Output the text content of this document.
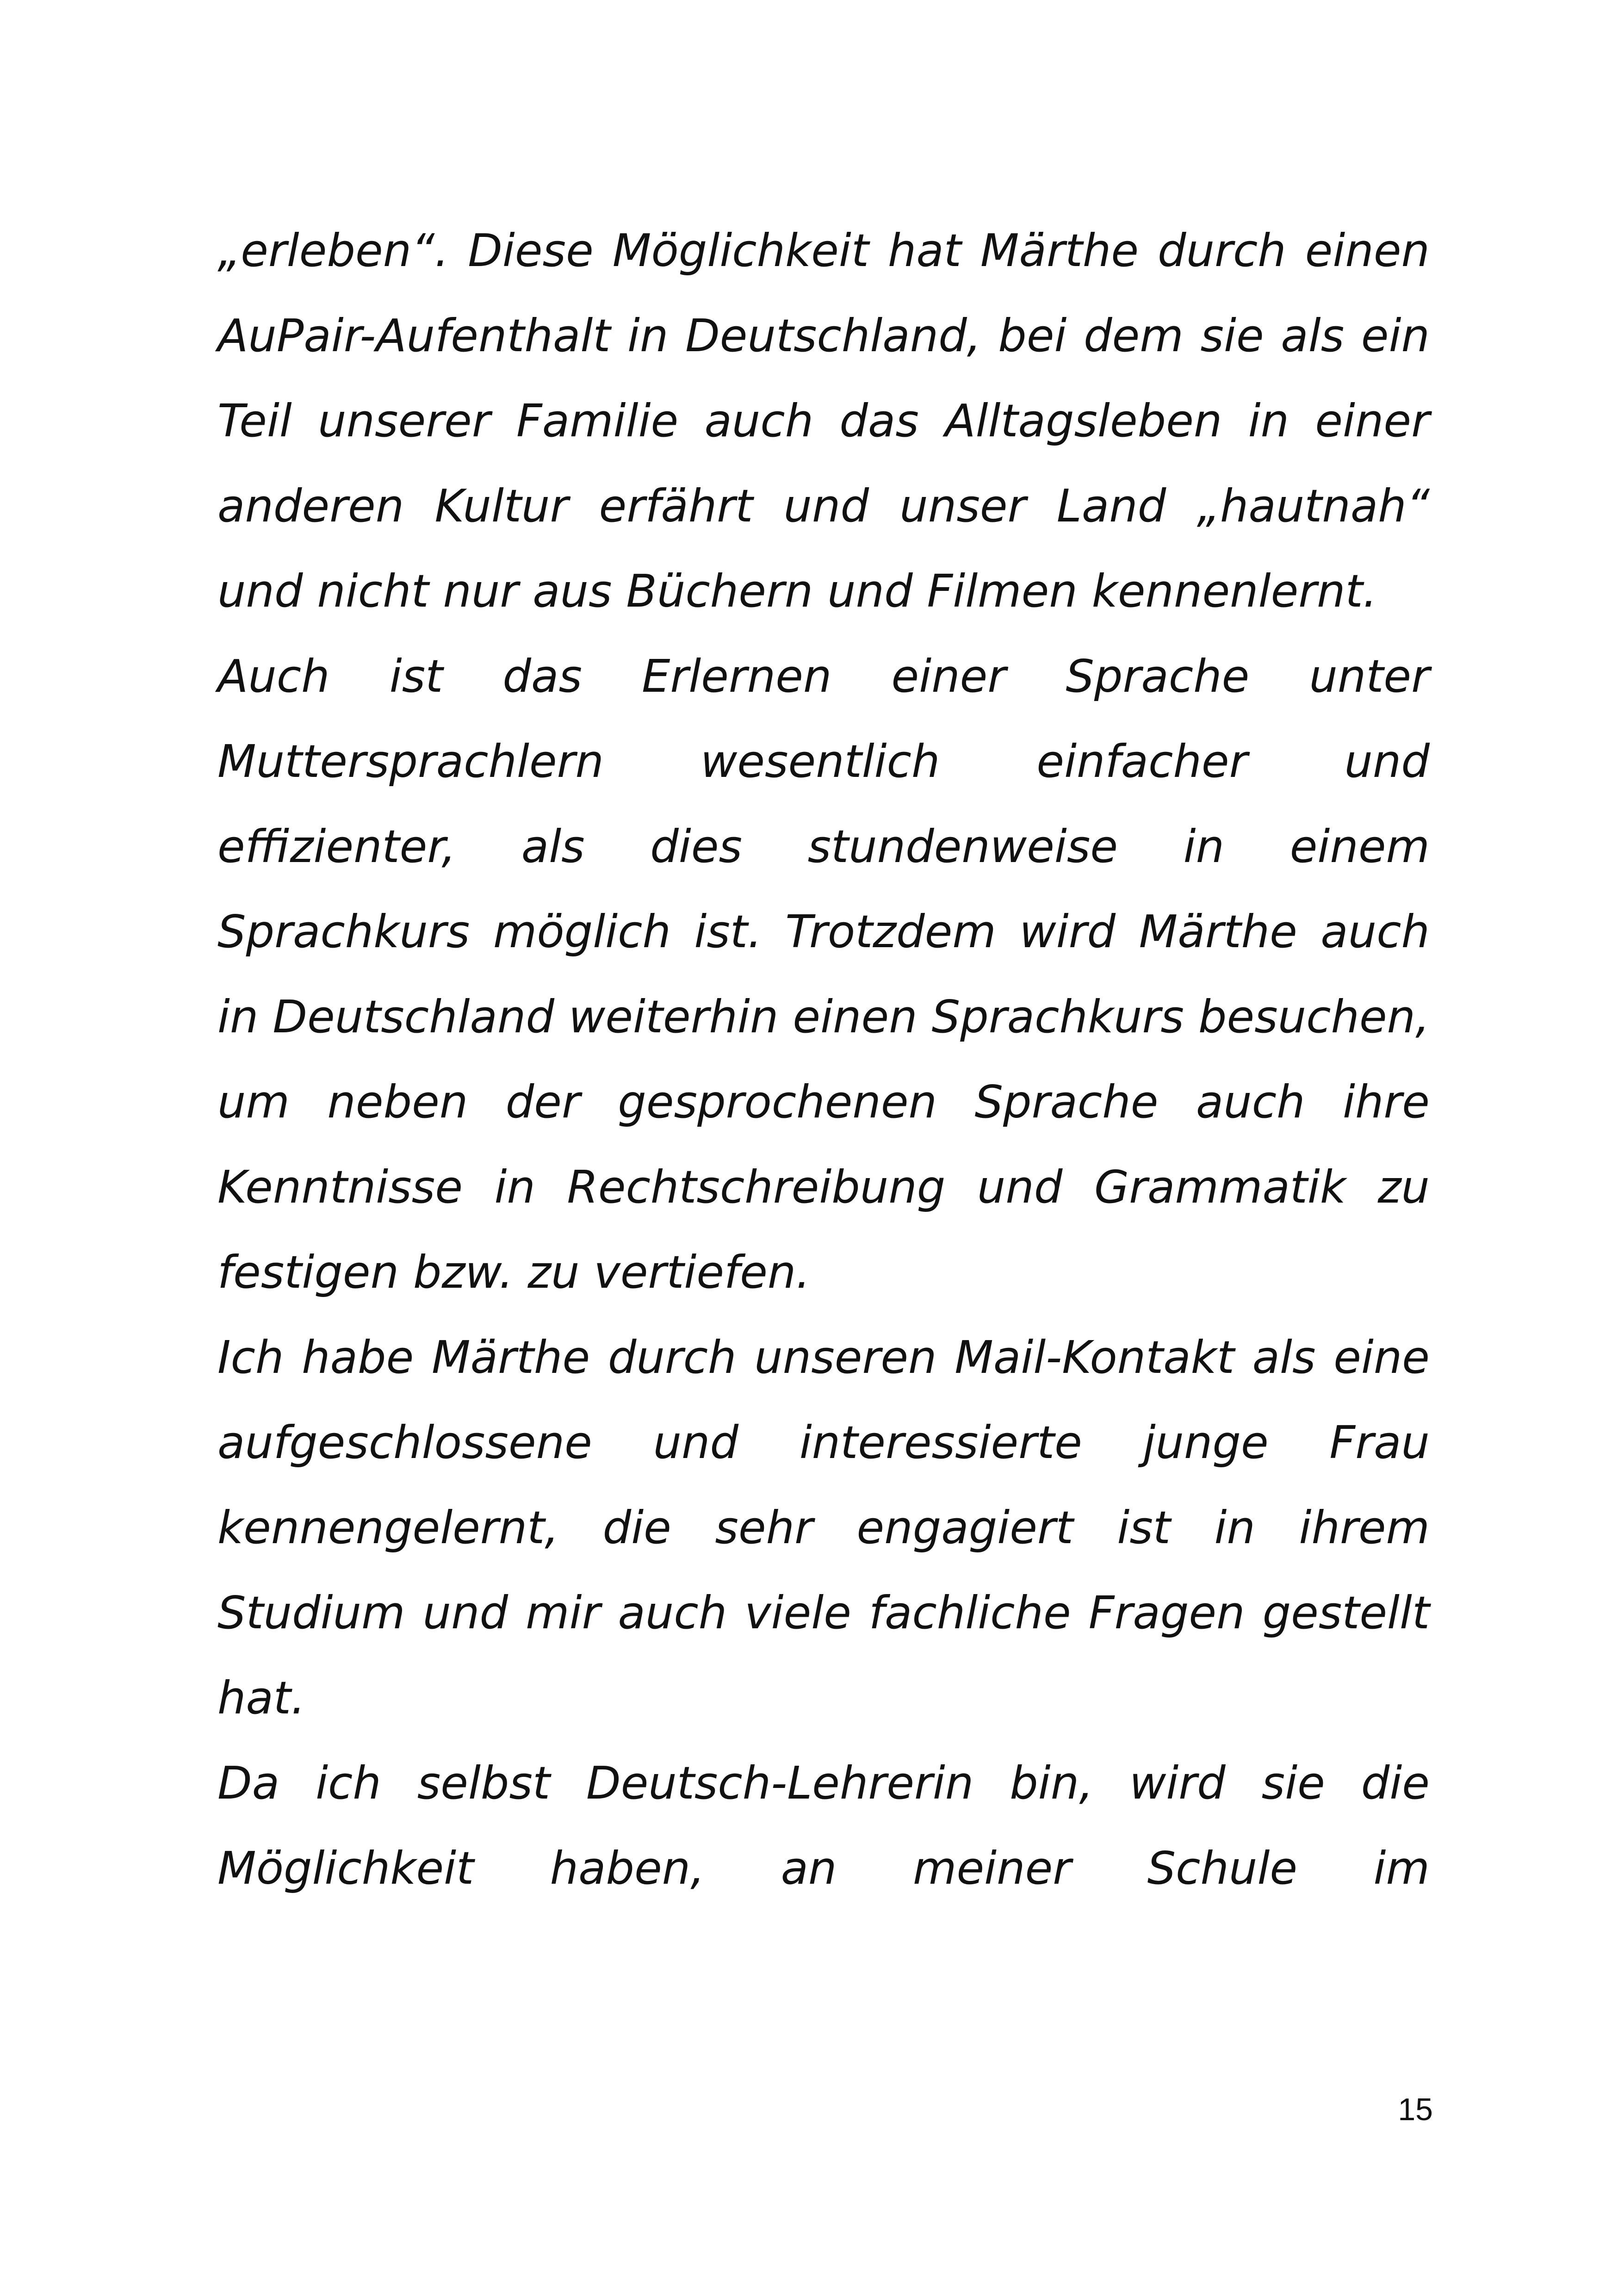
„erleben“. Diese Möglichkeit hat Märthe durch einen AuPair-Aufenthalt in Deutschland, bei dem sie als ein Teil unserer Familie auch das Alltagsleben in einer anderen Kultur erfährt und unser Land „hautnah“ und nicht nur aus Büchern und Filmen kennenlernt.

Auch ist das Erlernen einer Sprache unter Muttersprachlern wesentlich einfacher und effizienter, als dies stundenweise in einem Sprachkurs möglich ist. Trotzdem wird Märthe auch in Deutschland weiterhin einen Sprachkurs besuchen, um neben der gesprochenen Sprache auch ihre Kenntnisse in Rechtschreibung und Grammatik zu festigen bzw. zu vertiefen.

Ich habe Märthe durch unseren Mail-Kontakt als eine aufgeschlossene und interessierte junge Frau kennengelernt, die sehr engagiert ist in ihrem Studium und mir auch viele fachliche Fragen gestellt hat.

Da ich selbst Deutsch-Lehrerin bin, wird sie die Möglichkeit haben, an meiner Schule im

15
